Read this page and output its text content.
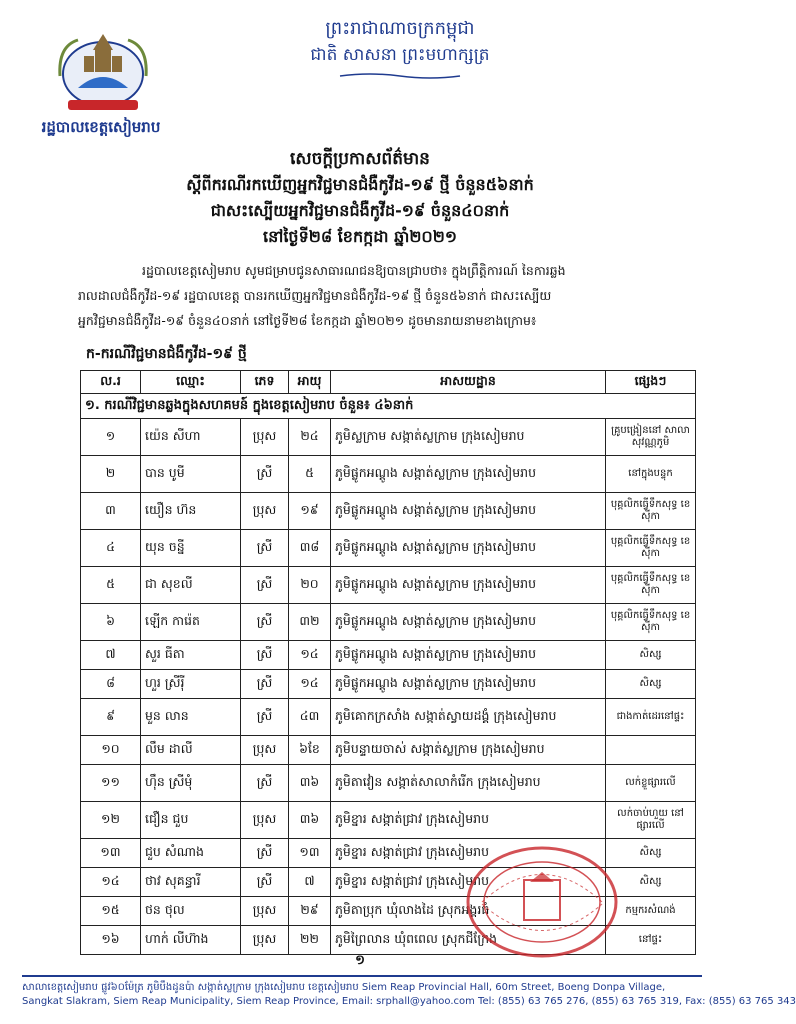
រដ្ឋបាលខេត្តសៀមរាប
ព្រះរាជាណាចក្រកម្ពុជា
ជាតិ សាសនា ព្រះមហាក្សត្រ
សេចក្តីប្រកាសព័ត៌មាន
ស្តីពីករណីរកឃើញអ្នកវិជ្ជមានជំងឺកូវីដ-១៩ ថ្មី ចំនួន៥៦នាក់
ជាសះស្បើយអ្នកវិជ្ជមានជំងឺកូវីដ-១៩ ចំនួន៤០នាក់
នៅថ្ងៃទី២៨ ខែកក្កដា ឆ្នាំ២០២១
រដ្ឋបាលខេត្តសៀមរាប សូមជម្រាបជូនសាធារណជនឱ្យបានជ្រាបថា៖ ក្នុងព្រឹត្តិការណ៍ នៃការឆ្លង
រាលដាលជំងឺកូវីដ-១៩ រដ្ឋបាលខេត្ត បានរកឃើញអ្នកវិជ្ជមានជំងឺកូវីដ-១៩ ថ្មី ចំនួន៥៦នាក់ ជាសះស្បើយ
អ្នកវិជ្ជមានជំងឺកូវីដ-១៩ ចំនួន៤០នាក់ នៅថ្ងៃទី២៨ ខែកក្កដា ឆ្នាំ២០២១ ដូចមានរាយនាមខាងក្រោម៖
ក-ករណីវិជ្ជមានជំងឺកូវីដ-១៩ ថ្មី
ល.រ	ឈ្មោះ	ភេទ	អាយុ	អាសយដ្ឋាន	ផ្សេងៗ
១. ករណីវិជ្ជមានឆ្លងក្នុងសហគមន៍ ក្នុងខេត្តសៀមរាប ចំនួន៖ ៤៦នាក់					
១	យ៉េន សីហា	ប្រុស	២៤	ភូមិស្លក្រាម សង្កាត់ស្លក្រាម ក្រុងសៀមរាប	គ្រូបង្រៀននៅ សាលាសុវណ្ណភូមិ
២	បាន បូមី	ស្រី	៥	ភូមិផ្លូកអណ្តូង សង្កាត់ស្លក្រាម ក្រុងសៀមរាប	នៅក្នុងបន្ទុក
៣	យឿន ហ៊ន	ប្រុស	១៩	ភូមិផ្លូកអណ្តូង សង្កាត់ស្លក្រាម ក្រុងសៀមរាប	បុគ្គលិកធ្វើទឹកសុទ្ធ ខេស៊ីកា
៤	យុន ចន្នី	ស្រី	៣៨	ភូមិផ្លូកអណ្តូង សង្កាត់ស្លក្រាម ក្រុងសៀមរាប	បុគ្គលិកធ្វើទឹកសុទ្ធ ខេស៊ីកា
៥	ជា សុខលី	ស្រី	២០	ភូមិផ្លូកអណ្តូង សង្កាត់ស្លក្រាម ក្រុងសៀមរាប	បុគ្គលិកធ្វើទឹកសុទ្ធ ខេស៊ីកា
៦	ឡើក ការ៉េត	ស្រី	៣២	ភូមិផ្លូកអណ្តូង សង្កាត់ស្លក្រាម ក្រុងសៀមរាប	បុគ្គលិកធ្វើទឹកសុទ្ធ ខេស៊ីកា
៧	សួរ ធីតា	ស្រី	១៤	ភូមិផ្លូកអណ្តូង សង្កាត់ស្លក្រាម ក្រុងសៀមរាប	សិស្ស
៨	ហួរ ស្រីរ៉ី	ស្រី	១៤	ភូមិផ្លូកអណ្តូង សង្កាត់ស្លក្រាម ក្រុងសៀមរាប	សិស្ស
៩	មួន លាន	ស្រី	៤៣	ភូមិគោកក្រសាំង សង្កាត់ស្វាយដង្គំ ក្រុងសៀមរាប	ជាងកាត់ដេរនៅផ្ទះ
១០	លឹម ដាលី	ប្រុស	៦ខែ	ភូមិបន្ទាយចាស់ សង្កាត់ស្លក្រាម ក្រុងសៀមរាប	
១១	ហ៊ឹន ស្រីមុំ	ស្រី	៣៦	ភូមិតាវៀន សង្កាត់សាលាកំរើក ក្រុងសៀមរាប	លក់ខ្លួផ្សារលើ
១២	ជឿន ជួប	ប្រុស	៣៦	ភូមិខ្នារ សង្កាត់ជ្រាវ ក្រុងសៀមរាប	លក់ចាប់ហួយ នៅផ្សារលើ
១៣	ជួប សំណាង	ស្រី	១៣	ភូមិខ្នារ សង្កាត់ជ្រាវ ក្រុងសៀមរាប	សិស្ស
១៤	ថាវ សុគន្ធារី	ស្រី	៧	ភូមិខ្នារ សង្កាត់ជ្រាវ ក្រុងសៀមរាប	សិស្ស
១៥	ថន ថុល	ប្រុស	២៩	ភូមិតាប្រុក ឃុំលាងដៃ ស្រុកអង្គរធំ	កម្មករសំណង់
១៦	ហាក់ លីហ៊ាង	ប្រុស	២២	ភូមិព្រៃលាន ឃុំពពេល ស្រុកជីក្រែង	នៅផ្ទះ
១
សាលាខេត្តសៀមរាប ផ្លូវ៦០ម៉ែត្រ ភូមិបឹងដូនប៉ា សង្កាត់ស្លក្រាម ក្រុងសៀមរាប ខេត្តសៀមរាប Siem Reap Provincial Hall, 60m Street, Boeng Donpa Village,
Sangkat Slakram, Siem Reap Municipality, Siem Reap Province, Email: srphall@yahoo.com Tel: (855) 63 765 276, (855) 63 765 319, Fax: (855) 63 765 343
